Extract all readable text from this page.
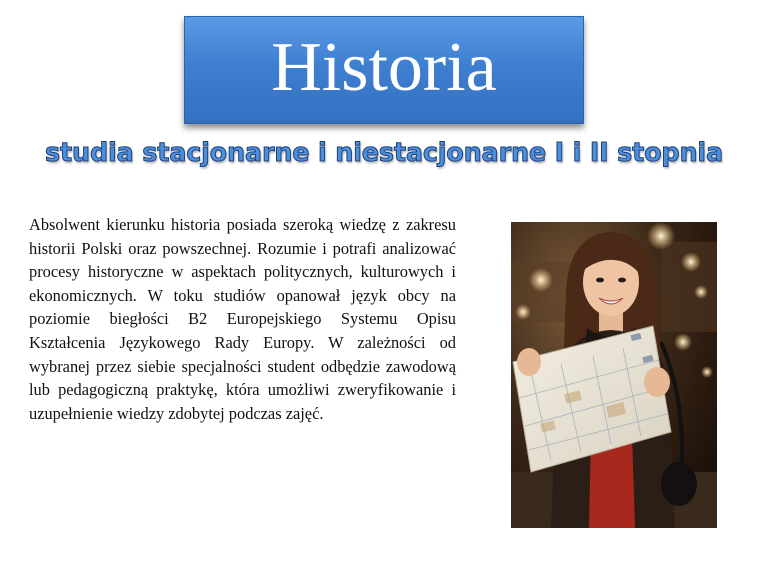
Historia
studia stacjonarne i niestacjonarne I i II stopnia

Absolwent kierunku historia posiada szeroką wiedzę z zakresu historii Polski oraz powszechnej. Rozumie i potrafi analizować procesy historyczne w aspektach politycznych, kulturowych i ekonomicznych. W toku studiów opanował język obcy na poziomie biegłości B2 Europejskiego Systemu Opisu Kształcenia Językowego Rady Europy. W zależności od wybranej przez siebie specjalności student odbędzie zawodową lub pedagogiczną praktykę, która umożliwi zweryfikowanie i uzupełnienie wiedzy zdobytej podczas zajęć.
